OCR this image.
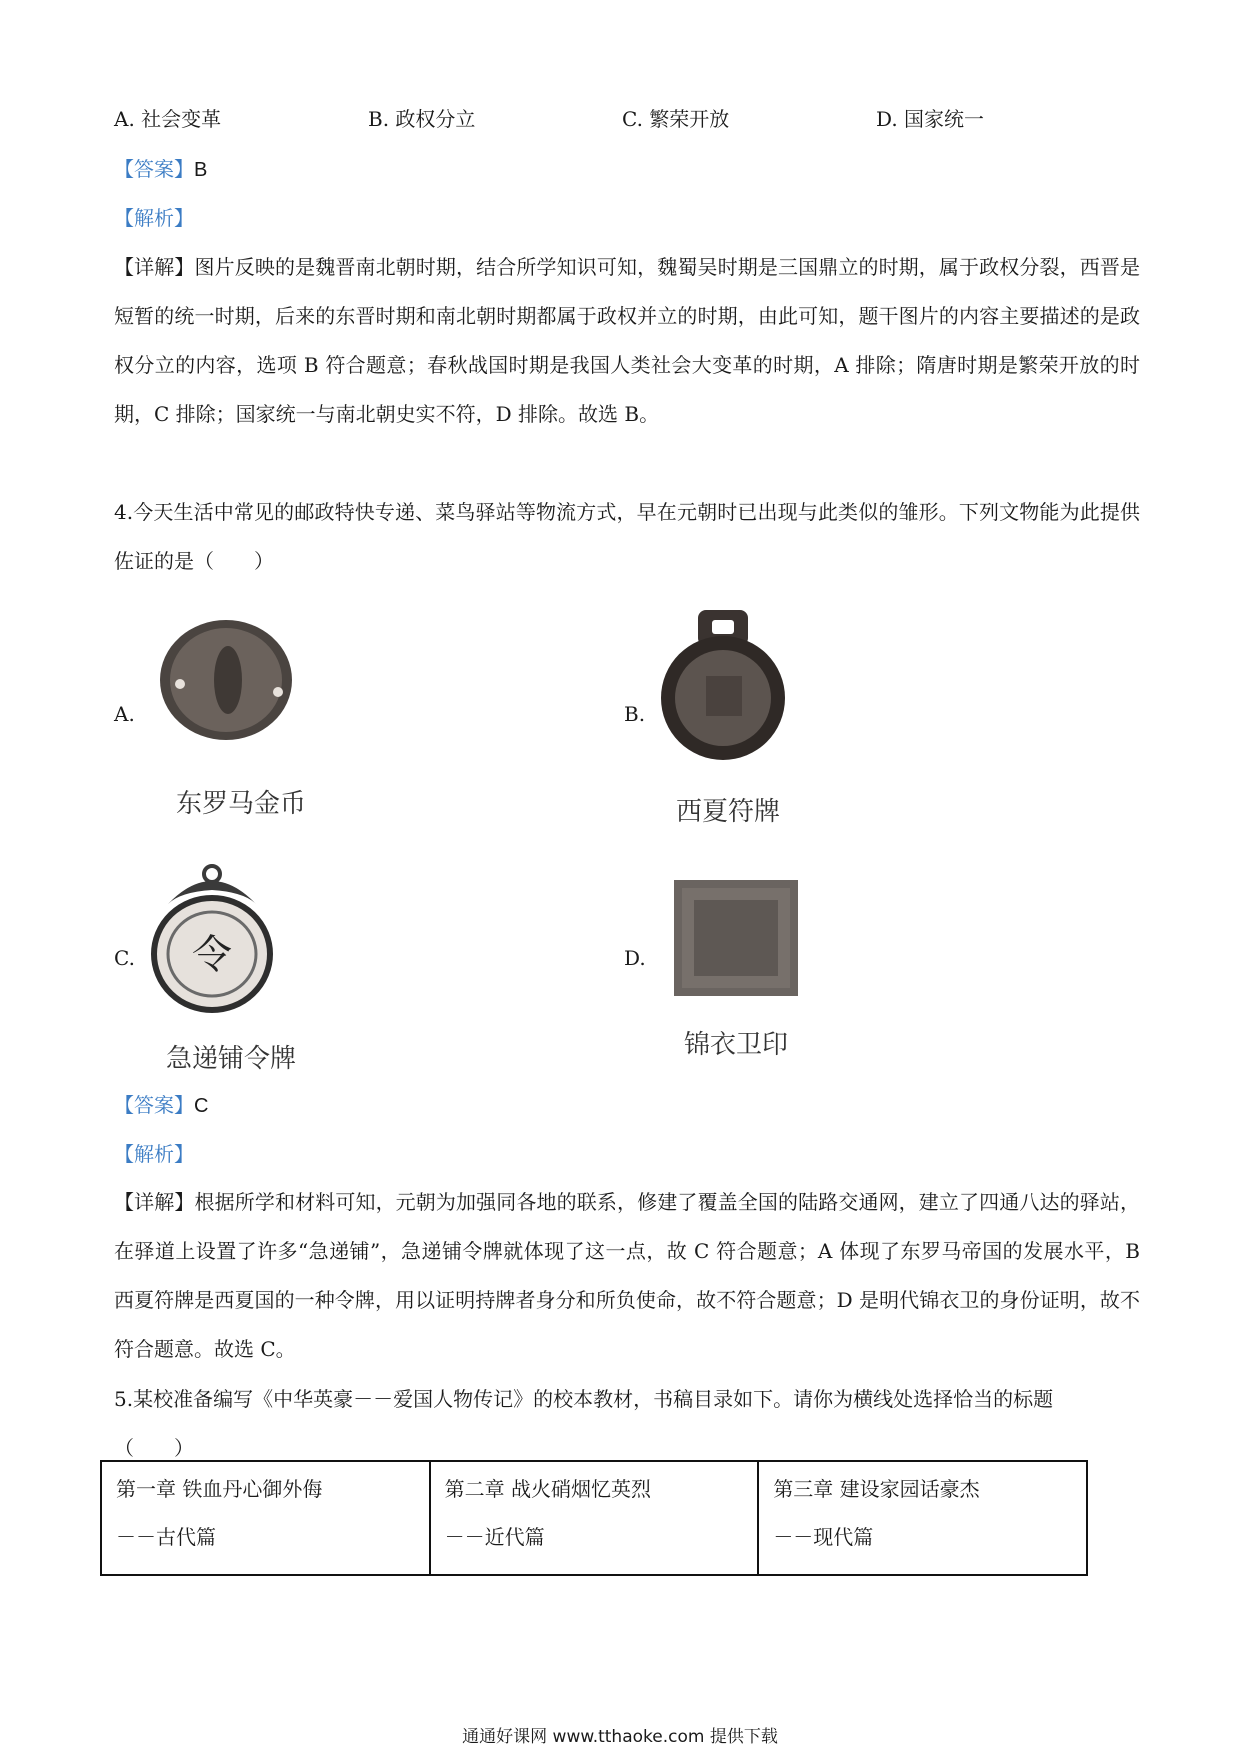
A. 社会变革	B. 政权分立	C. 繁荣开放	D. 国家统一
【答案】B
【解析】
【详解】图片反映的是魏晋南北朝时期，结合所学知识可知，魏蜀吴时期是三国鼎立的时期，属于政权分裂，西晋是短暂的统一时期，后来的东晋时期和南北朝时期都属于政权并立的时期，由此可知，题干图片的内容主要描述的是政权分立的内容，选项 B 符合题意；春秋战国时期是我国人类社会大变革的时期，A 排除；隋唐时期是繁荣开放的时期，C 排除；国家统一与南北朝史实不符，D 排除。故选 B。
4.今天生活中常见的邮政特快专递、菜鸟驿站等物流方式，早在元朝时已出现与此类似的雏形。下列文物能为此提供佐证的是（　　）
A.
东罗马金币
B.
西夏符牌
C. 令
急递铺令牌
D.
锦衣卫印
【答案】C
【解析】
【详解】根据所学和材料可知，元朝为加强同各地的联系，修建了覆盖全国的陆路交通网，建立了四通八达的驿站，在驿道上设置了许多“急递铺”，急递铺令牌就体现了这一点，故 C 符合题意；A 体现了东罗马帝国的发展水平，B 西夏符牌是西夏国的一种令牌，用以证明持牌者身分和所负使命，故不符合题意；D 是明代锦衣卫的身份证明，故不符合题意。故选 C。
5.某校准备编写《中华英豪－－爱国人物传记》的校本教材，书稿目录如下。请你为横线处选择恰当的标题
（　　）
第一章 铁血丹心御外侮
－－古代篇

第二章 战火硝烟忆英烈
－－近代篇

第三章 建设家园话豪杰
－－现代篇
通通好课网 www.tthaoke.com 提供下载
